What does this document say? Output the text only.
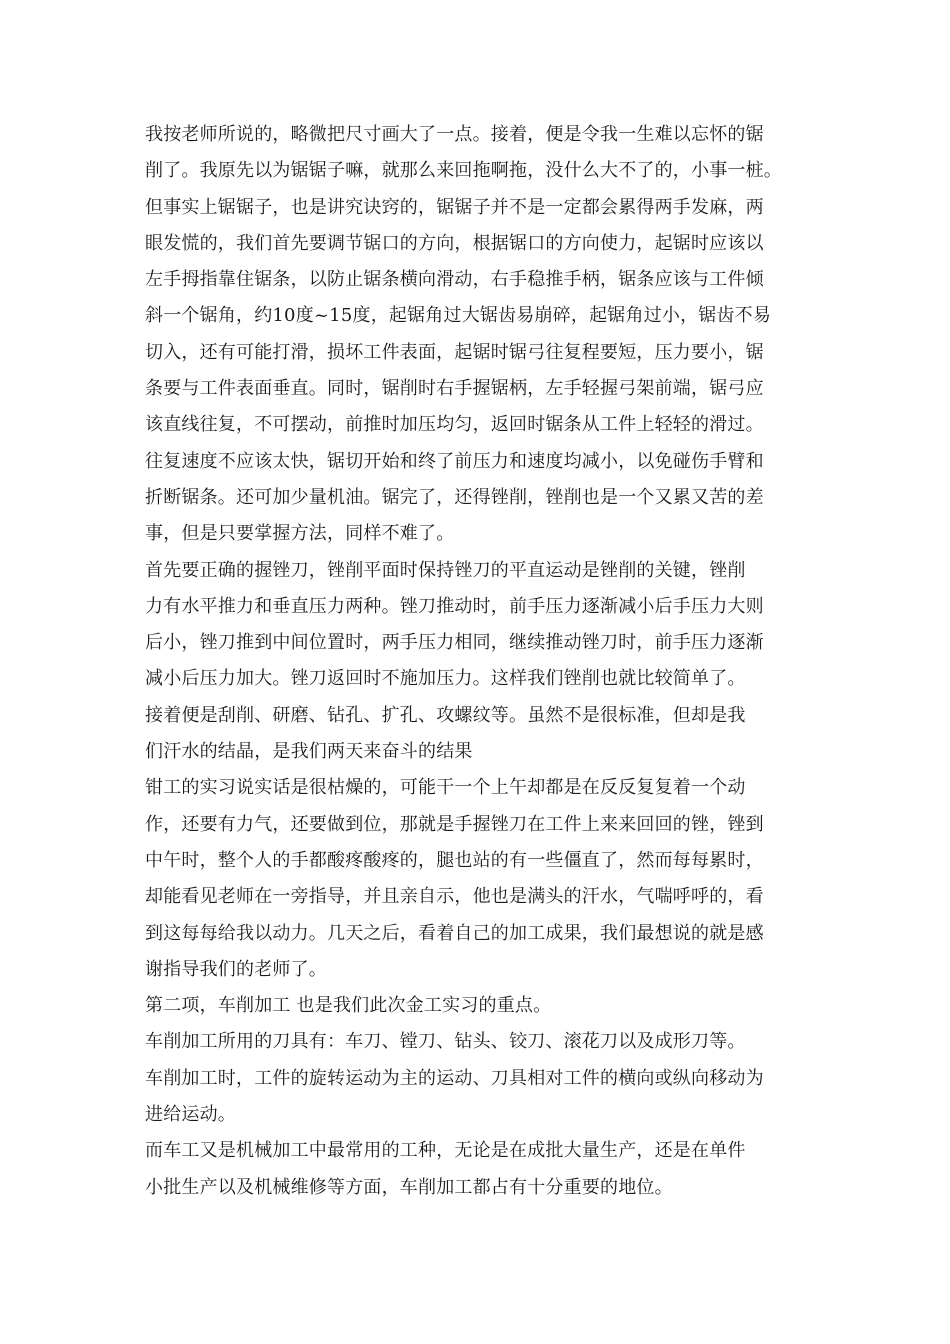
我按老师所说的，略微把尺寸画大了一点。接着，便是令我一生难以忘怀的锯
削了。我原先以为锯锯子嘛，就那么来回拖啊拖，没什么大不了的，小事一桩。
但事实上锯锯子，也是讲究诀窍的，锯锯子并不是一定都会累得两手发麻，两
眼发慌的，我们首先要调节锯口的方向，根据锯口的方向使力，起锯时应该以
左手拇指靠住锯条，以防止锯条横向滑动，右手稳推手柄，锯条应该与工件倾
斜一个锯角，约10度~15度，起锯角过大锯齿易崩碎，起锯角过小，锯齿不易
切入，还有可能打滑，损坏工件表面，起锯时锯弓往复程要短，压力要小，锯
条要与工件表面垂直。同时，锯削时右手握锯柄，左手轻握弓架前端，锯弓应
该直线往复，不可摆动，前推时加压均匀，返回时锯条从工件上轻轻的滑过。
往复速度不应该太快，锯切开始和终了前压力和速度均减小，以免碰伤手臂和
折断锯条。还可加少量机油。锯完了，还得锉削，锉削也是一个又累又苦的差
事，但是只要掌握方法，同样不难了。
首先要正确的握锉刀，锉削平面时保持锉刀的平直运动是锉削的关键，锉削
力有水平推力和垂直压力两种。锉刀推动时，前手压力逐渐减小后手压力大则
后小，锉刀推到中间位置时，两手压力相同，继续推动锉刀时，前手压力逐渐
减小后压力加大。锉刀返回时不施加压力。这样我们锉削也就比较简单了。
接着便是刮削、研磨、钻孔、扩孔、攻螺纹等。虽然不是很标准，但却是我
们汗水的结晶，是我们两天来奋斗的结果
钳工的实习说实话是很枯燥的，可能干一个上午却都是在反反复复着一个动
作，还要有力气，还要做到位，那就是手握锉刀在工件上来来回回的锉，锉到
中午时，整个人的手都酸疼酸疼的，腿也站的有一些僵直了，然而每每累时，
却能看见老师在一旁指导，并且亲自示，他也是满头的汗水，气喘呼呼的，看
到这每每给我以动力。几天之后，看着自己的加工成果，我们最想说的就是感
谢指导我们的老师了。
第二项，车削加工 也是我们此次金工实习的重点。
车削加工所用的刀具有：车刀、镗刀、钻头、铰刀、滚花刀以及成形刀等。
车削加工时，工件的旋转运动为主的运动、刀具相对工件的横向或纵向移动为
进给运动。
而车工又是机械加工中最常用的工种，无论是在成批大量生产，还是在单件
小批生产以及机械维修等方面，车削加工都占有十分重要的地位。
